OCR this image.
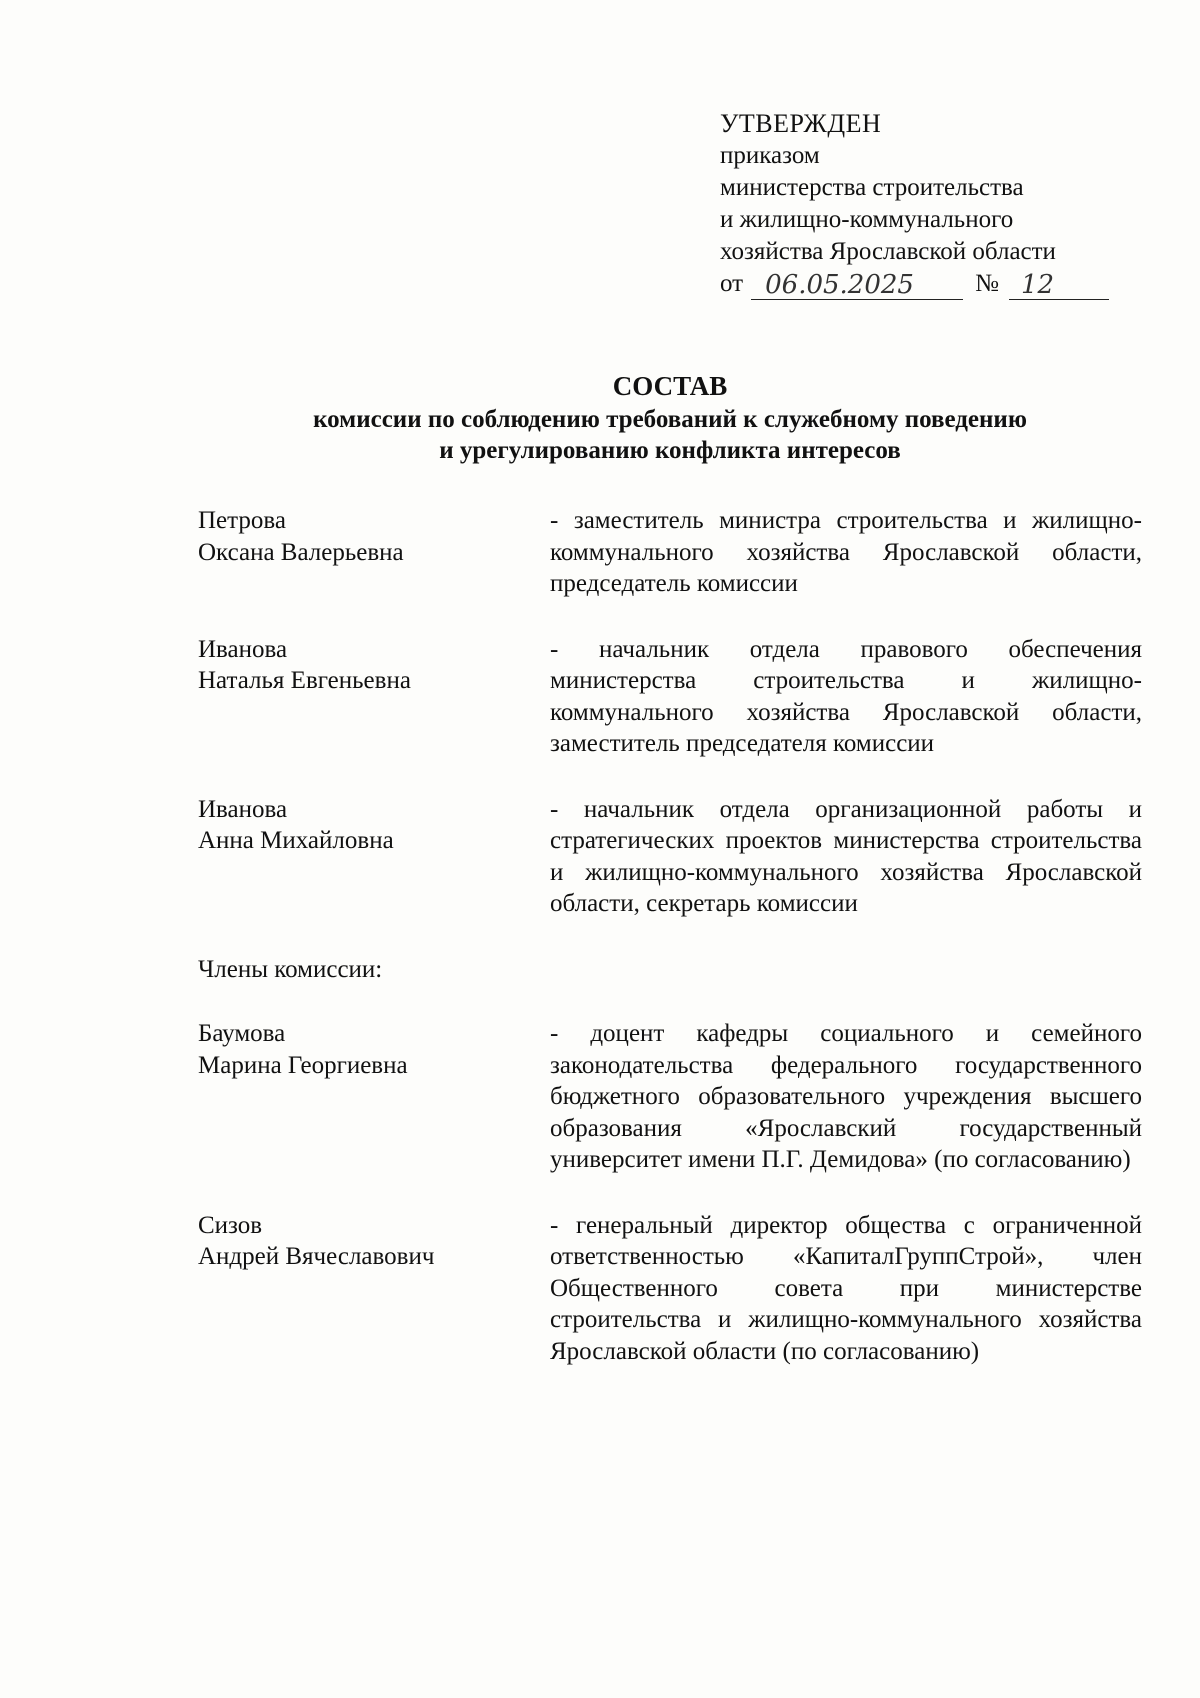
УТВЕРЖДЕН
приказом
министерства строительства
и жилищно-коммунального
хозяйства Ярославской области
от 06.05.2025	№ 12
СОСТАВ
комиссии по соблюдению требований к служебному поведению
и урегулированию конфликта интересов
Петрова
Оксана Валерьевна
- заместитель министра строительства и жилищно-коммунального хозяйства Ярославской области, председатель комиссии
Иванова
Наталья Евгеньевна
- начальник отдела правового обеспечения министерства строительства и жилищно-коммунального хозяйства Ярославской области, заместитель председателя комиссии
Иванова
Анна Михайловна
- начальник отдела организационной работы и стратегических проектов министерства строительства и жилищно-коммунального хозяйства Ярославской области, секретарь комиссии
Члены комиссии:
Баумова
Марина Георгиевна
- доцент кафедры социального и семейного законодательства федерального государственного бюджетного образовательного учреждения высшего образования «Ярославский государственный университет имени П.Г. Демидова» (по согласованию)
Сизов
Андрей Вячеславович
- генеральный директор общества с ограниченной ответственностью «КапиталГруппСтрой», член Общественного совета при министерстве строительства и жилищно-коммунального хозяйства Ярославской области (по согласованию)
